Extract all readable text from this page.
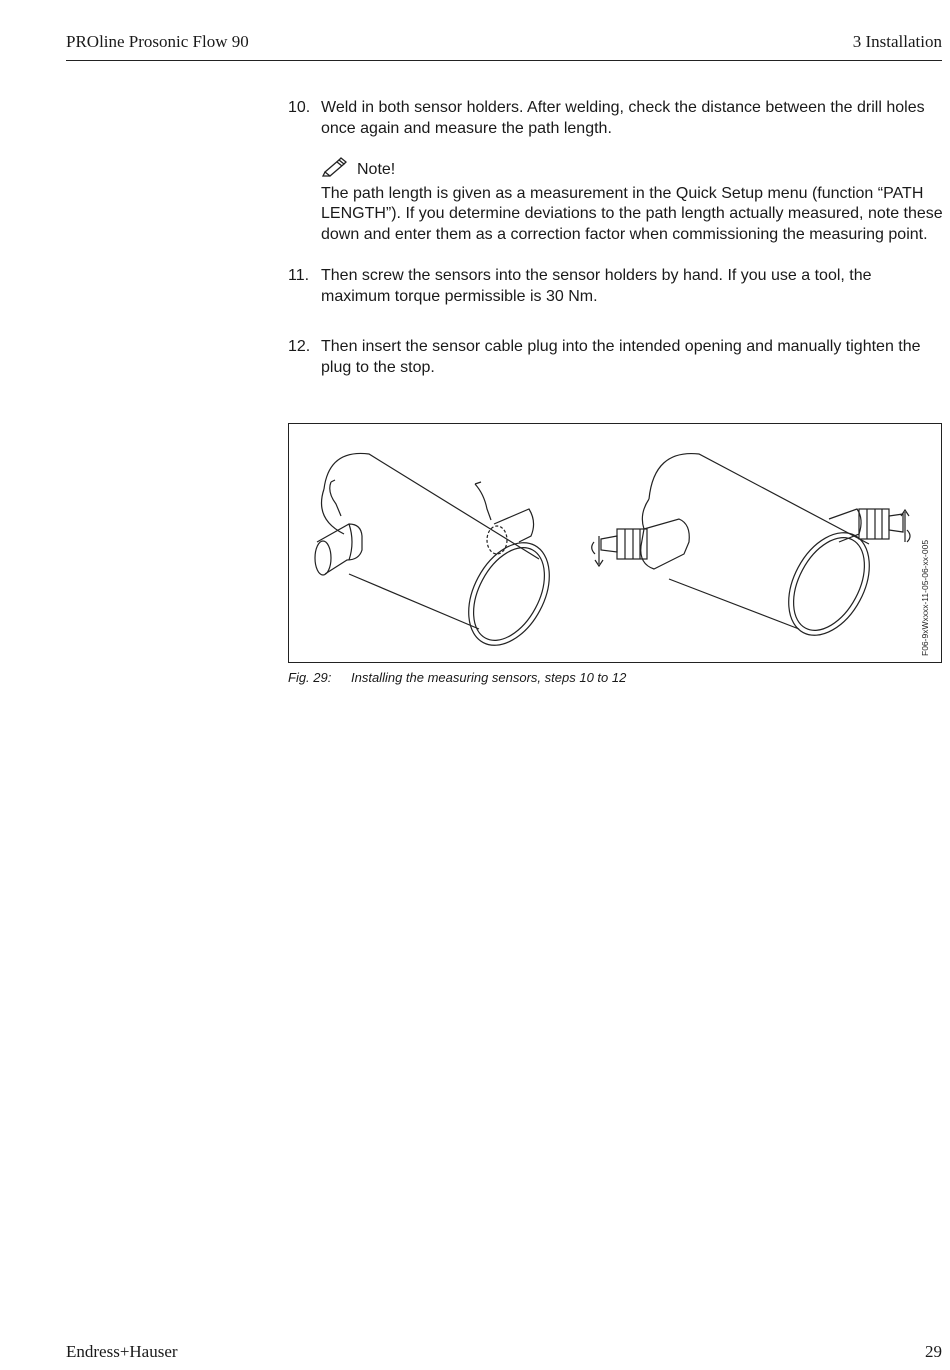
PROline Prosonic Flow 90	3 Installation
10. Weld in both sensor holders. After welding, check the distance between the drill holes once again and measure the path length.
Note!
The path length is given as a measurement in the Quick Setup menu (function “PATH LENGTH”). If you determine deviations to the path length actually measured, note these down and enter them as a correction factor when commissioning the measuring point.
11. Then screw the sensors into the sensor holders by hand. If you use a tool, the maximum torque permissible is 30 Nm.
12. Then insert the sensor cable plug into the intended opening and manually tighten the plug to the stop.
F06-9xWxxxx-11-05-06-xx-005
Fig. 29: Installing the measuring sensors, steps 10 to 12
Endress+Hauser	29
